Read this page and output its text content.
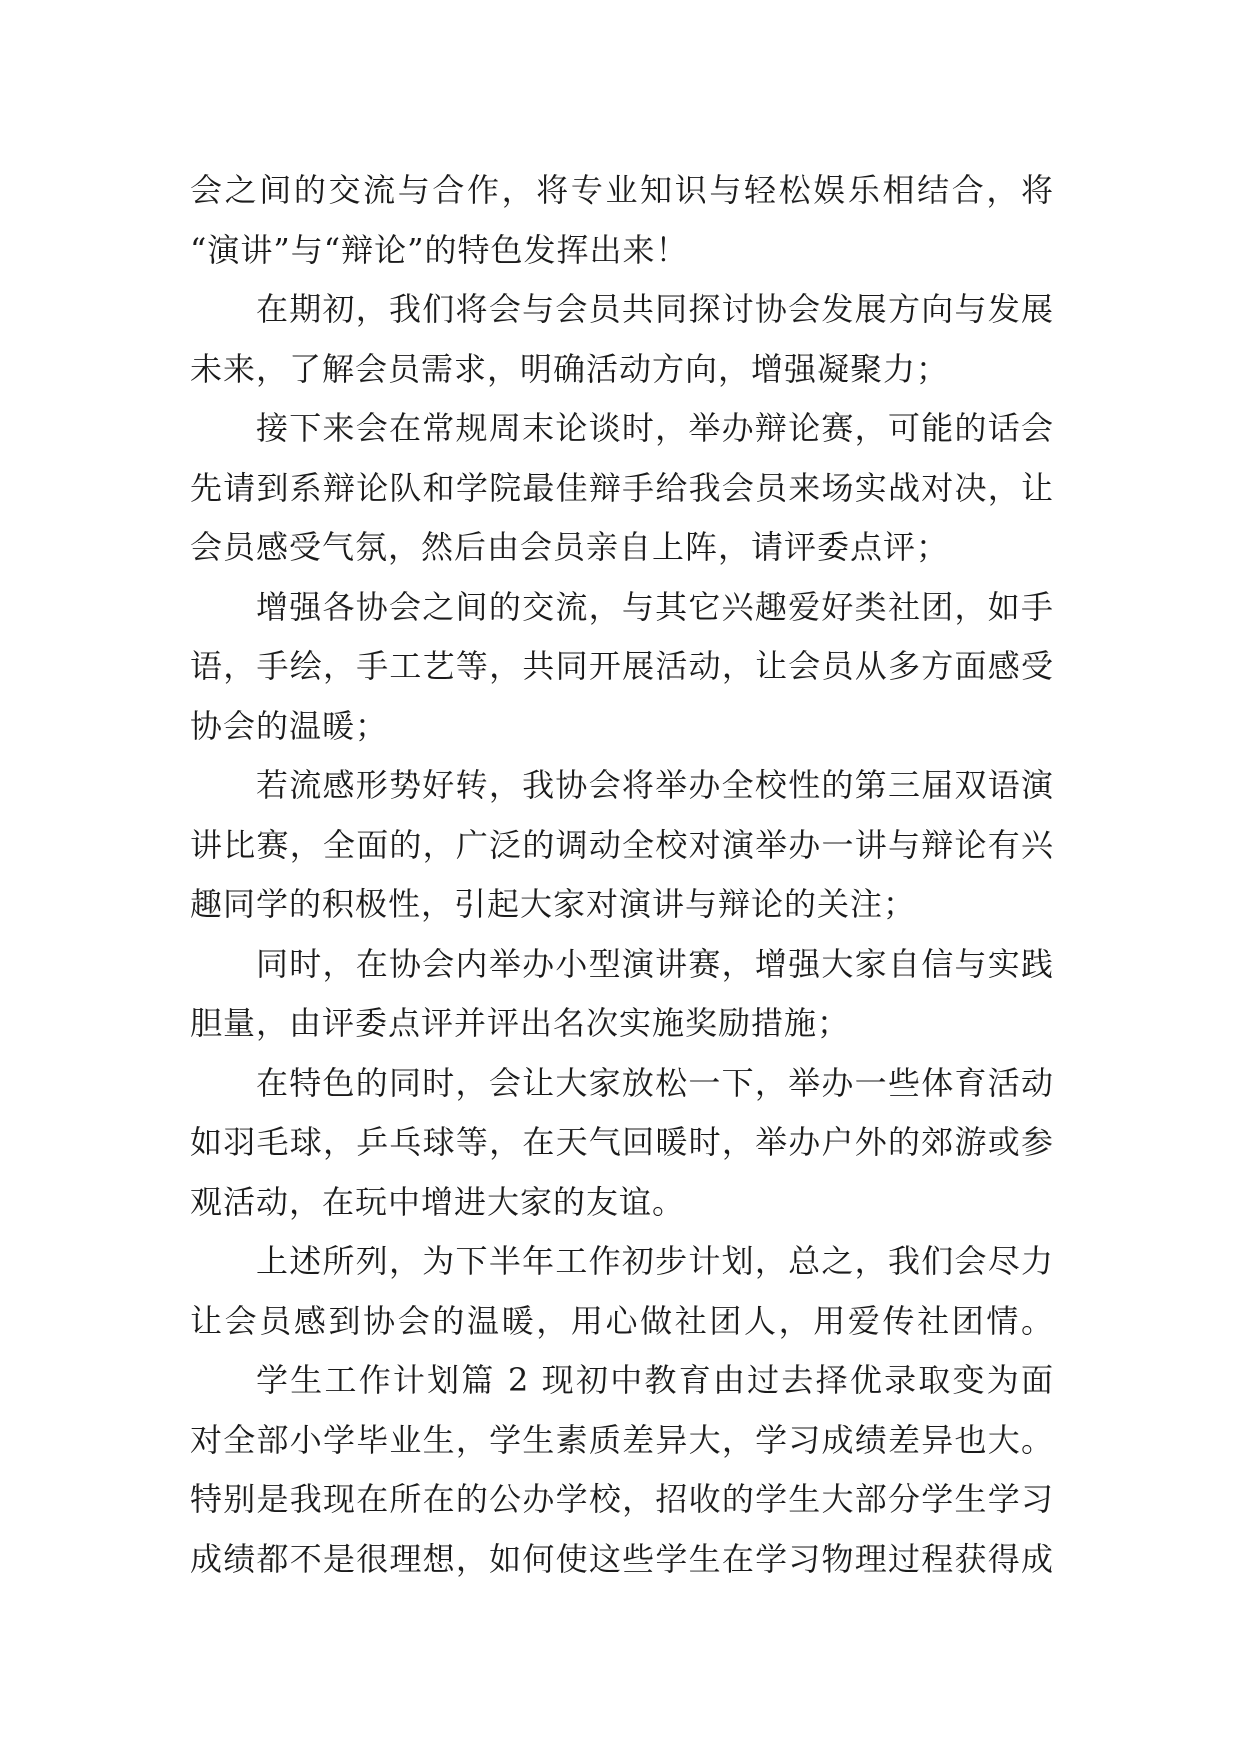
会之间的交流与合作，将专业知识与轻松娱乐相结合，将
“演讲”与“辩论”的特色发挥出来！
在期初，我们将会与会员共同探讨协会发展方向与发展
未来，了解会员需求，明确活动方向，增强凝聚力；
接下来会在常规周末论谈时，举办辩论赛，可能的话会
先请到系辩论队和学院最佳辩手给我会员来场实战对决，让
会员感受气氛，然后由会员亲自上阵，请评委点评；
增强各协会之间的交流，与其它兴趣爱好类社团，如手
语，手绘，手工艺等，共同开展活动，让会员从多方面感受
协会的温暖；
若流感形势好转，我协会将举办全校性的第三届双语演
讲比赛，全面的，广泛的调动全校对演举办一讲与辩论有兴
趣同学的积极性，引起大家对演讲与辩论的关注；
同时，在协会内举办小型演讲赛，增强大家自信与实践
胆量，由评委点评并评出名次实施奖励措施；
在特色的同时，会让大家放松一下，举办一些体育活动
如羽毛球，乒乓球等，在天气回暖时，举办户外的郊游或参
观活动，在玩中增进大家的友谊。
上述所列，为下半年工作初步计划，总之，我们会尽力
让会员感到协会的温暖，用心做社团人，用爱传社团情。
学生工作计划篇 2 现初中教育由过去择优录取变为面
对全部小学毕业生，学生素质差异大，学习成绩差异也大。
特别是我现在所在的公办学校，招收的学生大部分学生学习
成绩都不是很理想，如何使这些学生在学习物理过程获得成
